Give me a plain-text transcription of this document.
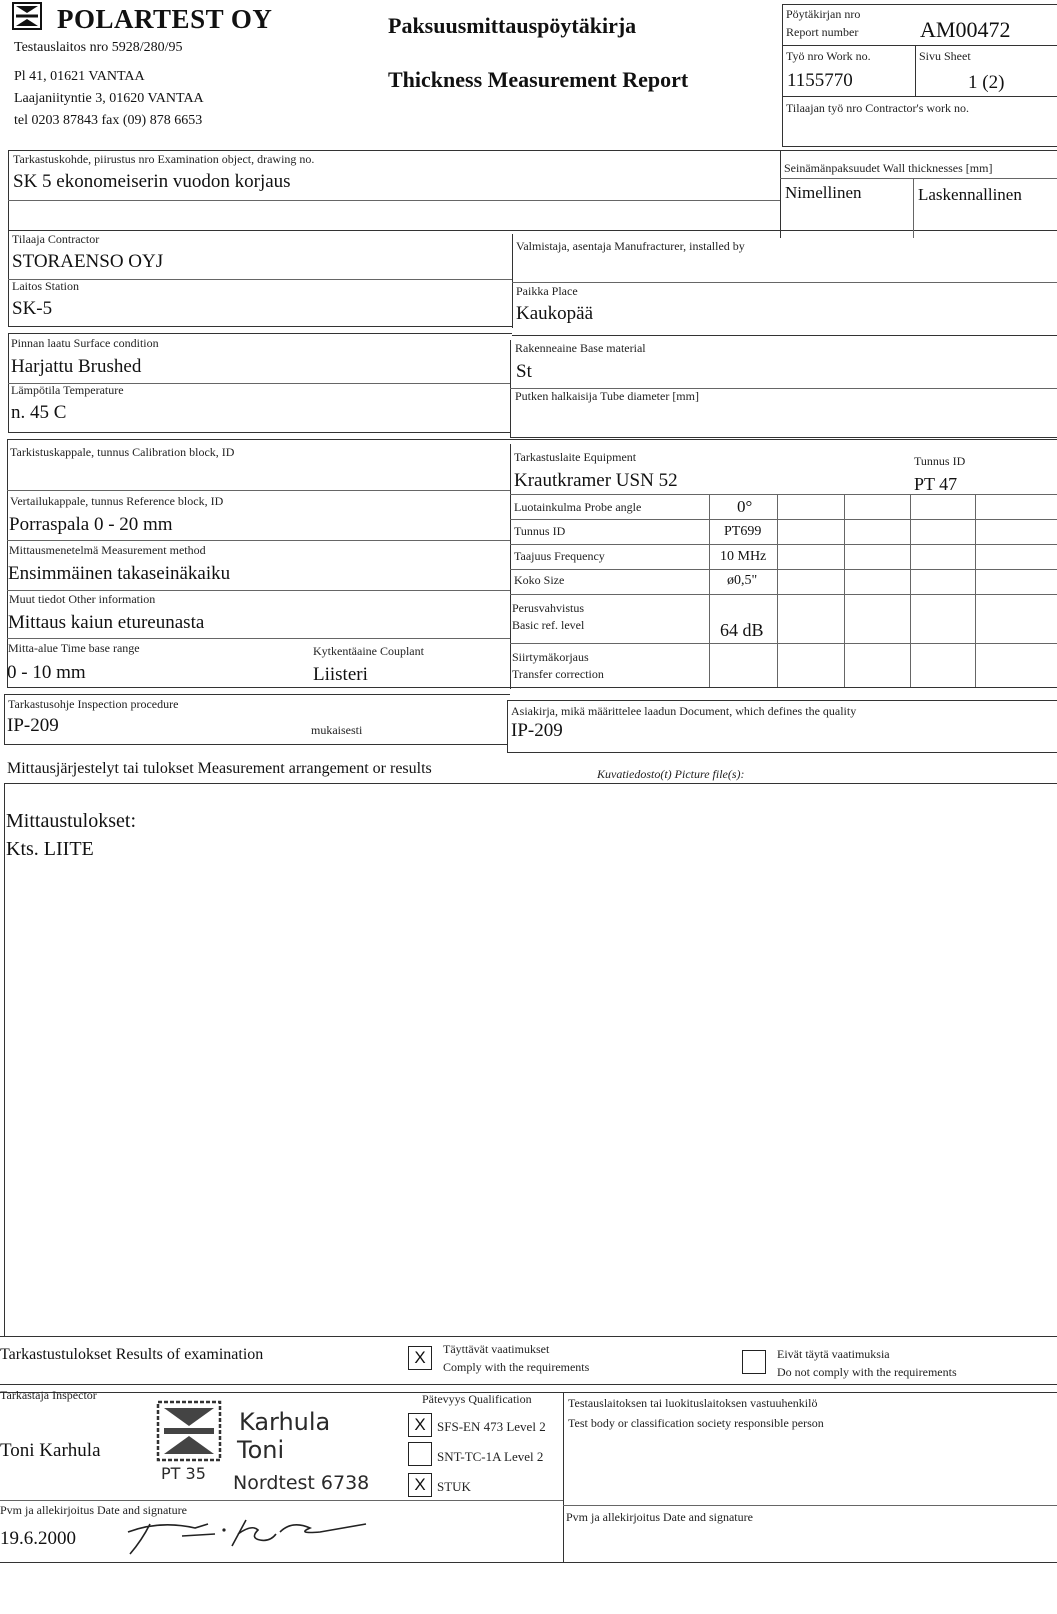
POLARTEST OY
Testauslaitos nro 5928/280/95
Pl 41, 01621 VANTAA
Laajaniityntie 3, 01620 VANTAA
tel 0203 87843 fax (09) 878 6653
Paksuusmittauspöytäkirja
Thickness Measurement Report
Pöytäkirjan nro
Report number	AM00472
Työ nro Work no.
1155770
Sivu Sheet
1 (2)
Tilaajan työ nro Contractor's work no.
Tarkastuskohde, piirustus nro Examination object, drawing no.
SK 5 ekonomeiserin vuodon korjaus
Seinämänpaksuudet Wall thicknesses [mm]
Nimellinen	Laskennallinen
Tilaaja Contractor
STORAENSO OYJ
Valmistaja, asentaja Manufracturer, installed by
Laitos Station
SK-5
Paikka Place
Kaukopää
Pinnan laatu Surface condition
Harjattu Brushed
Rakenneaine Base material
St
Lämpötila Temperature
n. 45 C
Putken halkaisija Tube diameter [mm]
Tarkistuskappale, tunnus Calibration block, ID	Tarkastuslaite Equipment
Krautkramer USN 52
Tunnus ID
PT 47
Vertailukappale, tunnus Reference block, ID
Porraspala 0 - 20 mm
Mittausmenetelmä Measurement method
Ensimmäinen takaseinäkaiku
Muut tiedot Other information
Mittaus kaiun etureunasta
Mitta-alue Time base range
0 - 10 mm
Kytkentäaine Couplant
Liisteri
Luotainkulma Probe angle	0°
Tunnus ID	PT699
Taajuus Frequency	10 MHz
Koko Size	ø0,5"
Perusvahvistus
Basic ref. level	64 dB
Siirtymäkorjaus
Transfer correction
Tarkastusohje Inspection procedure
IP-209	mukaisesti
Asiakirja, mikä määrittelee laadun Document, which defines the quality
IP-209
Mittausjärjestelyt tai tulokset Measurement arrangement or results	Kuvatiedosto(t) Picture file(s):
Mittaustulokset:
Kts. LIITE
Tarkastustulokset Results of examination	X	Täyttävät vaatimukset
Comply with the requirements
Eivät täytä vaatimuksia
Do not comply with the requirements
Tarkastaja Inspector
Toni Karhula
PT 35
Karhula
Toni
Nordtest 6738
Pätevyys Qualification
X SFS-EN 473 Level 2
SNT-TC-1A Level 2
X STUK
Testauslaitoksen tai luokituslaitoksen vastuuhenkilö
Test body or classification society responsible person
Pvm ja allekirjoitus Date and signature
19.6.2000
Pvm ja allekirjoitus Date and signature
